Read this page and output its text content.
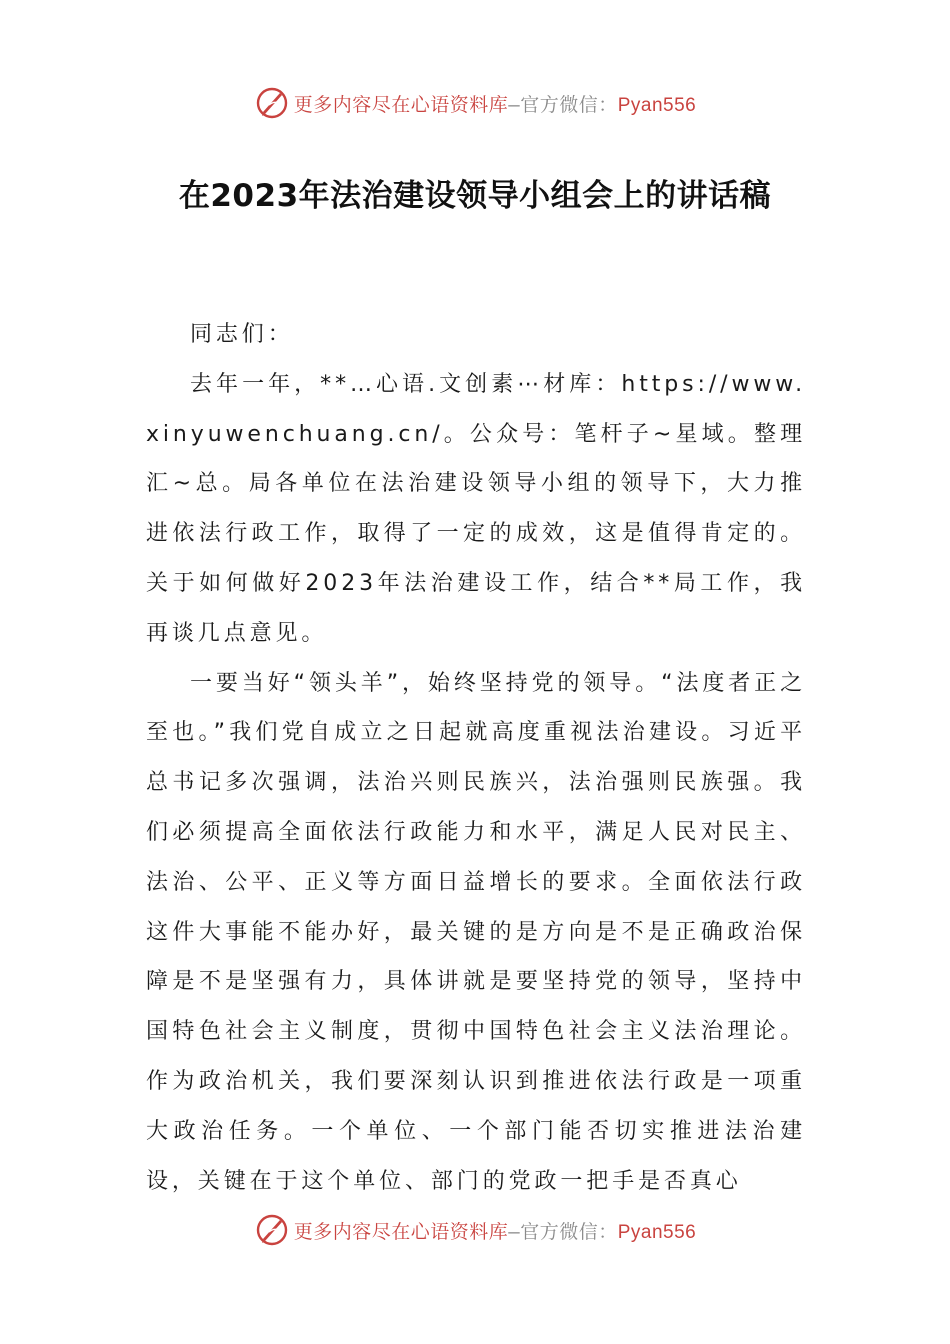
更多内容尽在心语资料库—官方微信：Pyan556
在2023年法治建设领导小组会上的讲话稿

同志们：

去年一年，**…心语.文创素⋯材库：https://www.xinyuwenchuang.cn/。公众号：笔杆子~星域。整理汇~总。局各单位在法治建设领导小组的领导下，大力推进依法行政工作，取得了一定的成效，这是值得肯定的。关于如何做好2023年法治建设工作，结合**局工作，我再谈几点意见。

一要当好“领头羊”，始终坚持党的领导。“法度者正之至也。”我们党自成立之日起就高度重视法治建设。习近平总书记多次强调，法治兴则民族兴，法治强则民族强。我们必须提高全面依法行政能力和水平，满足人民对民主、法治、公平、正义等方面日益增长的要求。全面依法行政这件大事能不能办好，最关键的是方向是不是正确政治保障是不是坚强有力，具体讲就是要坚持党的领导，坚持中国特色社会主义制度，贯彻中国特色社会主义法治理论。作为政治机关，我们要深刻认识到推进依法行政是一项重大政治任务。一个单位、一个部门能否切实推进法治建设，关键在于这个单位、部门的党政一把手是否真心

更多内容尽在心语资料库—官方微信：Pyan556
